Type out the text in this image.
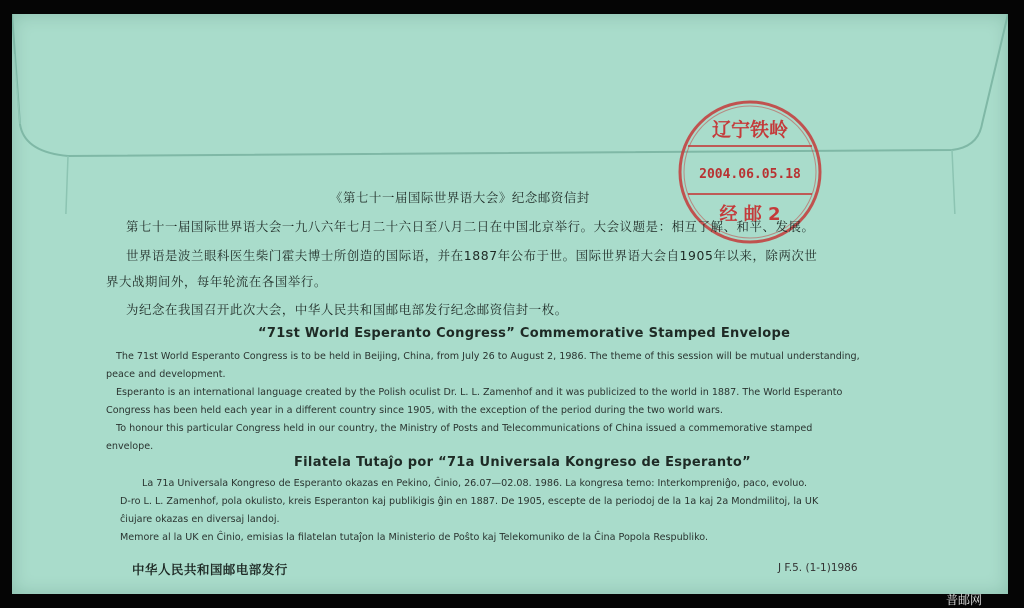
辽宁铁岭
2004.06.05.18
经 邮 2
《第七十一届国际世界语大会》纪念邮资信封
第七十一届国际世界语大会一九八六年七月二十六日至八月二日在中国北京举行。大会议题是：相互了解、和平、发展。
世界语是波兰眼科医生柴门霍夫博士所创造的国际语，并在1887年公布于世。国际世界语大会自1905年以来，除两次世
界大战期间外，每年轮流在各国举行。
为纪念在我国召开此次大会，中华人民共和国邮电部发行纪念邮资信封一枚。
“71st World Esperanto Congress” Commemorative Stamped Envelope
The 71st World Esperanto Congress is to be held in Beijing, China, from July 26 to August 2, 1986. The theme of this session will be mutual understanding,
peace and development.
Esperanto is an international language created by the Polish oculist Dr. L. L. Zamenhof and it was publicized to the world in 1887. The World Esperanto
Congress has been held each year in a different country since 1905, with the exception of the period during the two world wars.
To honour this particular Congress held in our country, the Ministry of Posts and Telecommunications of China issued a commemorative stamped
envelope.
Filatela Tutaĵo por “71a Universala Kongreso de Esperanto”
La 71a Universala Kongreso de Esperanto okazas en Pekino, Ĉinio, 26.07—02.08. 1986. La kongresa temo: Interkompreniĝo, paco, evoluo.
D-ro L. L. Zamenhof, pola okulisto, kreis Esperanton kaj publikigis ĝin en 1887. De 1905, escepte de la periodoj de la 1a kaj 2a Mondmilitoj, la UK
ĉiujare okazas en diversaj landoj.
Memore al la UK en Ĉinio, emisias la filatelan tutaĵon la Ministerio de Poŝto kaj Telekomuniko de la Ĉina Popola Respubliko.
中华人民共和国邮电部发行	J F.5. (1-1)1986
普邮网
